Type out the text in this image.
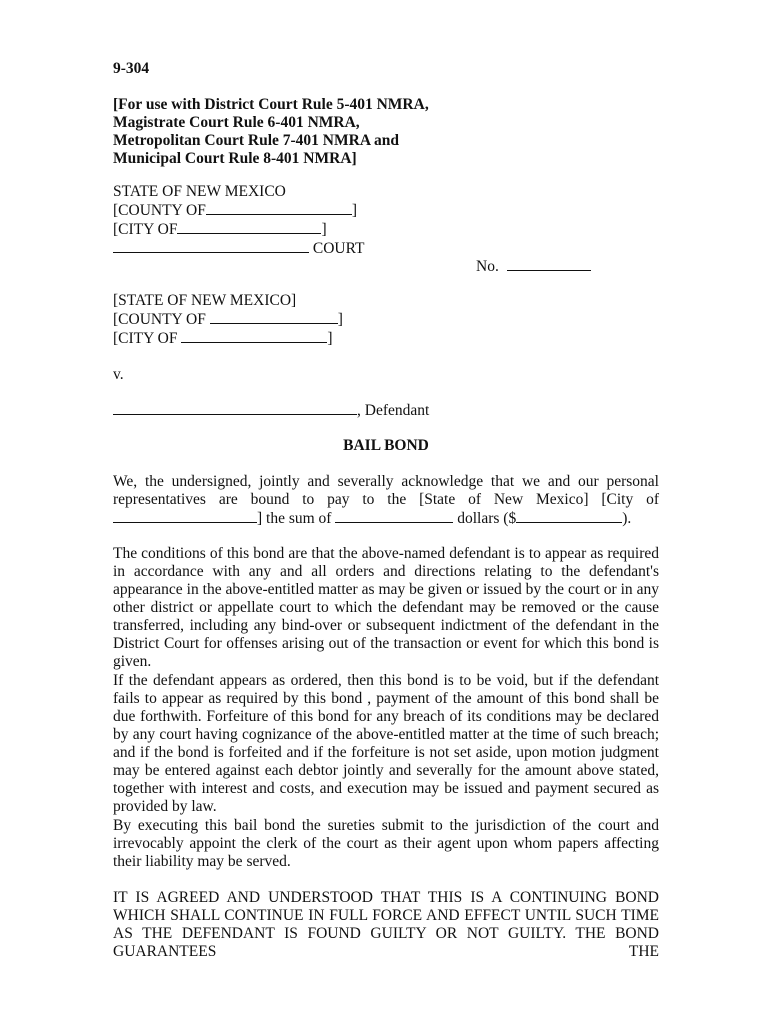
9-304
[For use with District Court Rule 5-401 NMRA,
Magistrate Court Rule 6-401 NMRA,
Metropolitan Court Rule 7-401 NMRA and
Municipal Court Rule 8-401 NMRA]
STATE OF NEW MEXICO
[COUNTY OF	]
[CITY OF	]
COURT
No.
[STATE OF NEW MEXICO]
[COUNTY OF	]
[CITY OF	]
v.
, Defendant
BAIL BOND
We, the undersigned, jointly and severally acknowledge that we and our personal representatives are bound to pay to the [State of New Mexico] [City of
] the sum of	dollars ($	).
The conditions of this bond are that the above-named defendant is to appear as required in accordance with any and all orders and directions relating to the defendant's appearance in the above-entitled matter as may be given or issued by the court or in any other district or appellate court to which the defendant may be removed or the cause transferred, including any bind-over or subsequent indictment of the defendant in the District Court for offenses arising out of the transaction or event for which this bond is given.
If the defendant appears as ordered, then this bond is to be void, but if the defendant fails to appear as required by this bond , payment of the amount of this bond shall be due forthwith. Forfeiture of this bond for any breach of its conditions may be declared by any court having cognizance of the above-entitled matter at the time of such breach; and if the bond is forfeited and if the forfeiture is not set aside, upon motion judgment may be entered against each debtor jointly and severally for the amount above stated, together with interest and costs, and execution may be issued and payment secured as provided by law.
By executing this bail bond the sureties submit to the jurisdiction of the court and irrevocably appoint the clerk of the court as their agent upon whom papers affecting their liability may be served.
IT IS AGREED AND UNDERSTOOD THAT THIS IS A CONTINUING BOND WHICH SHALL CONTINUE IN FULL FORCE AND EFFECT UNTIL SUCH TIME AS THE DEFENDANT IS FOUND GUILTY OR NOT GUILTY. THE BOND GUARANTEES THE
